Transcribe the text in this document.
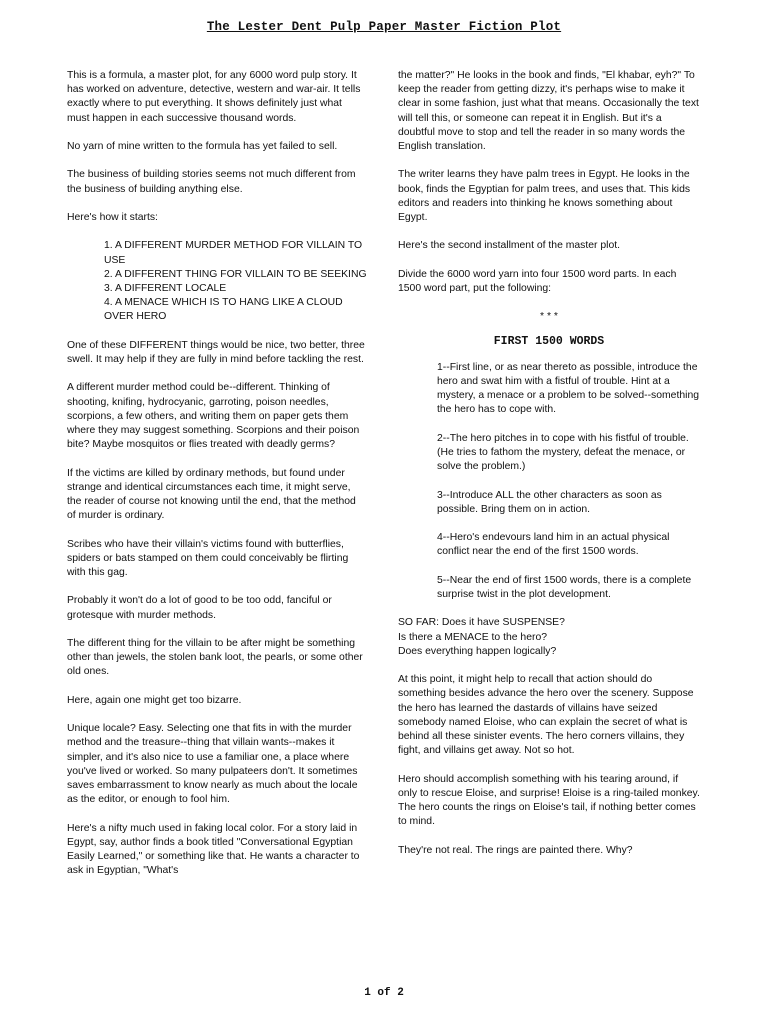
The Lester Dent Pulp Paper Master Fiction Plot

This is a formula, a master plot, for any 6000 word pulp story. It has worked on adventure, detective, western and war-air. It tells exactly where to put everything. It shows definitely just what must happen in each successive thousand words.

No yarn of mine written to the formula has yet failed to sell.

The business of building stories seems not much different from the business of building anything else.

Here's how it starts:

1. A DIFFERENT MURDER METHOD FOR VILLAIN TO USE
2. A DIFFERENT THING FOR VILLAIN TO BE SEEKING
3. A DIFFERENT LOCALE
4. A MENACE WHICH IS TO HANG LIKE A CLOUD OVER HERO

One of these DIFFERENT things would be nice, two better, three swell. It may help if they are fully in mind before tackling the rest.

A different murder method could be--different. Thinking of shooting, knifing, hydrocyanic, garroting, poison needles, scorpions, a few others, and writing them on paper gets them where they may suggest something. Scorpions and their poison bite? Maybe mosquitos or flies treated with deadly germs?

If the victims are killed by ordinary methods, but found under strange and identical circumstances each time, it might serve, the reader of course not knowing until the end, that the method of murder is ordinary.

Scribes who have their villain's victims found with butterflies, spiders or bats stamped on them could conceivably be flirting with this gag.

Probably it won't do a lot of good to be too odd, fanciful or grotesque with murder methods.

The different thing for the villain to be after might be something other than jewels, the stolen bank loot, the pearls, or some other old ones.

Here, again one might get too bizarre.

Unique locale? Easy. Selecting one that fits in with the murder method and the treasure--thing that villain wants--makes it simpler, and it's also nice to use a familiar one, a place where you've lived or worked. So many pulpateers don't. It sometimes saves embarrassment to know nearly as much about the locale as the editor, or enough to fool him.

Here's a nifty much used in faking local color. For a story laid in Egypt, say, author finds a book titled "Conversational Egyptian Easily Learned," or something like that. He wants a character to ask in Egyptian, "What's

the matter?" He looks in the book and finds, "El khabar, eyh?" To keep the reader from getting dizzy, it's perhaps wise to make it clear in some fashion, just what that means. Occasionally the text will tell this, or someone can repeat it in English. But it's a doubtful move to stop and tell the reader in so many words the English translation.

The writer learns they have palm trees in Egypt. He looks in the book, finds the Egyptian for palm trees, and uses that. This kids editors and readers into thinking he knows something about Egypt.

Here's the second installment of the master plot.

Divide the 6000 word yarn into four 1500 word parts. In each 1500 word part, put the following:

* * *

FIRST 1500 WORDS

1--First line, or as near thereto as possible, introduce the hero and swat him with a fistful of trouble. Hint at a mystery, a menace or a problem to be solved--something the hero has to cope with.

2--The hero pitches in to cope with his fistful of trouble. (He tries to fathom the mystery, defeat the menace, or solve the problem.)

3--Introduce ALL the other characters as soon as possible. Bring them on in action.

4--Hero's endevours land him in an actual physical conflict near the end of the first 1500 words.

5--Near the end of first 1500 words, there is a complete surprise twist in the plot development.

SO FAR: Does it have SUSPENSE?
Is there a MENACE to the hero?
Does everything happen logically?

At this point, it might help to recall that action should do something besides advance the hero over the scenery. Suppose the hero has learned the dastards of villains have seized somebody named Eloise, who can explain the secret of what is behind all these sinister events. The hero corners villains, they fight, and villains get away. Not so hot.

Hero should accomplish something with his tearing around, if only to rescue Eloise, and surprise! Eloise is a ring-tailed monkey. The hero counts the rings on Eloise's tail, if nothing better comes to mind.

They're not real. The rings are painted there. Why?

1 of 2
